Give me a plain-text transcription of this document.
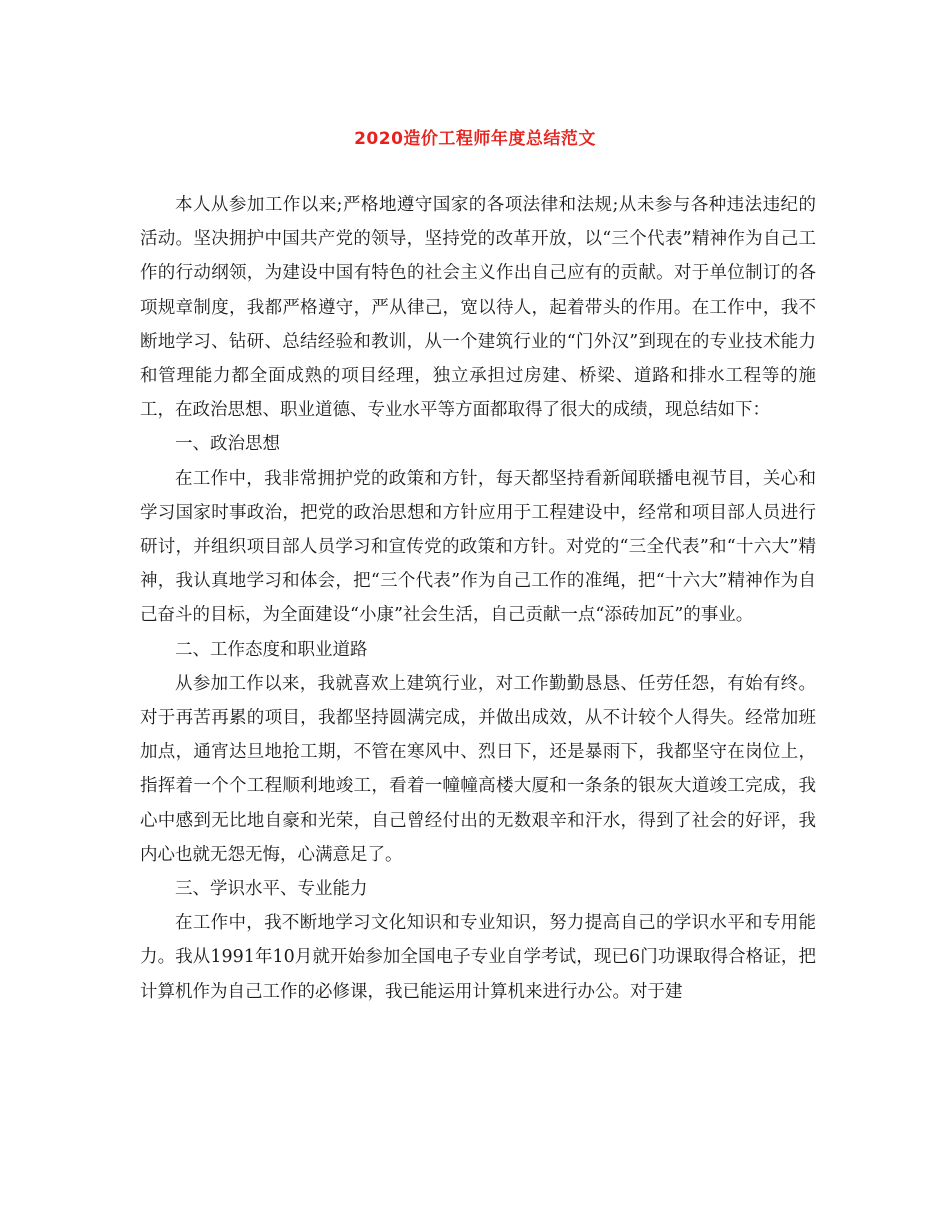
2020造价工程师年度总结范文

本人从参加工作以来;严格地遵守国家的各项法律和法规;从未参与各种违法违纪的活动。坚决拥护中国共产党的领导，坚持党的改革开放，以“三个代表”精神作为自己工作的行动纲领，为建设中国有特色的社会主义作出自己应有的贡献。对于单位制订的各项规章制度，我都严格遵守，严从律己，宽以待人，起着带头的作用。在工作中，我不断地学习、钻研、总结经验和教训，从一个建筑行业的“门外汉”到现在的专业技术能力和管理能力都全面成熟的项目经理，独立承担过房建、桥梁、道路和排水工程等的施工，在政治思想、职业道德、专业水平等方面都取得了很大的成绩，现总结如下：

一、政治思想

在工作中，我非常拥护党的政策和方针，每天都坚持看新闻联播电视节目，关心和学习国家时事政治，把党的政治思想和方针应用于工程建设中，经常和项目部人员进行研讨，并组织项目部人员学习和宣传党的政策和方针。对党的“三全代表”和“十六大”精神，我认真地学习和体会，把“三个代表”作为自己工作的准绳，把“十六大”精神作为自己奋斗的目标，为全面建设“小康”社会生活，自己贡献一点“添砖加瓦”的事业。

二、工作态度和职业道路

从参加工作以来，我就喜欢上建筑行业，对工作勤勤恳恳、任劳任怨，有始有终。对于再苦再累的项目，我都坚持圆满完成，并做出成效，从不计较个人得失。经常加班加点，通宵达旦地抢工期，不管在寒风中、烈日下，还是暴雨下，我都坚守在岗位上，指挥着一个个工程顺利地竣工，看着一幢幢高楼大厦和一条条的银灰大道竣工完成，我心中感到无比地自豪和光荣，自己曾经付出的无数艰辛和汗水，得到了社会的好评，我内心也就无怨无悔，心满意足了。

三、学识水平、专业能力

在工作中，我不断地学习文化知识和专业知识，努力提高自己的学识水平和专用能力。我从1991年10月就开始参加全国电子专业自学考试，现已6门功课取得合格证，把计算机作为自己工作的必修课，我已能运用计算机来进行办公。对于建
